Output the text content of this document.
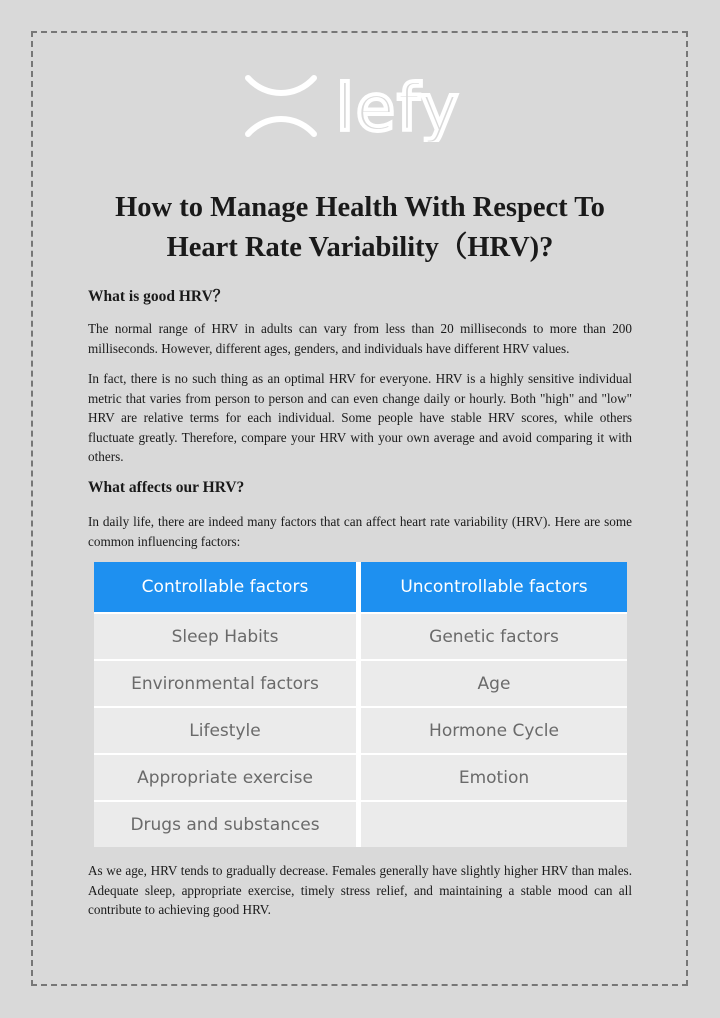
lefy
How to Manage Health With Respect To
Heart Rate Variability（HRV)?
What is good HRV？

The normal range of HRV in adults can vary from less than 20 milliseconds to more than 200 milliseconds. However, different ages, genders, and individuals have different HRV values.

In fact, there is no such thing as an optimal HRV for everyone. HRV is a highly sensitive individual metric that varies from person to person and can even change daily or hourly. Both "high" and "low" HRV are relative terms for each individual. Some people have stable HRV scores, while others fluctuate greatly. Therefore, compare your HRV with your own average and avoid comparing it with others.

What affects our HRV?

In daily life, there are indeed many factors that can affect heart rate variability (HRV). Here are some common influencing factors:

Controllable factors	Uncontrollable factors
Sleep Habits	Genetic factors
Environmental factors	Age
Lifestyle	Hormone Cycle
Appropriate exercise	Emotion
Drugs and substances	

As we age, HRV tends to gradually decrease. Females generally have slightly higher HRV than males. Adequate sleep, appropriate exercise, timely stress relief, and maintaining a stable mood can all contribute to achieving good HRV.
